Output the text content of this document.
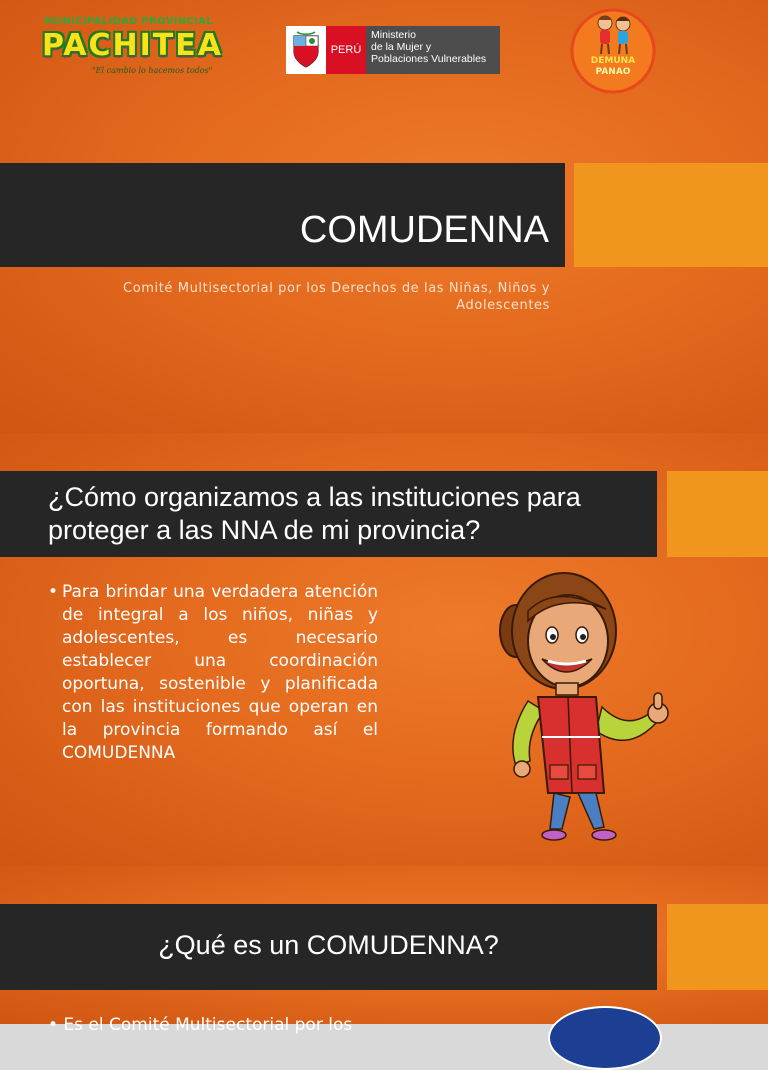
MUNICIPALIDAD PROVINCIAL
PACHITEA
"El cambio lo hacemos todos"
PERÚ
Ministerio
de la Mujer y
Poblaciones Vulnerables	DEMUNA
PANAO
COMUDENNA
Comité Multisectorial por los Derechos de las Niñas, Niños y
Adolescentes
¿Cómo organizamos a las instituciones para
proteger a las NNA de mi provincia?
• Para brindar una verdadera atención de integral a los niños, niñas y adolescentes, es necesario establecer una coordinación oportuna, sostenible y planificada con las instituciones que operan en la provincia formando así el COMUDENNA
¿Qué es un COMUDENNA?
• Es el Comité Multisectorial por los
